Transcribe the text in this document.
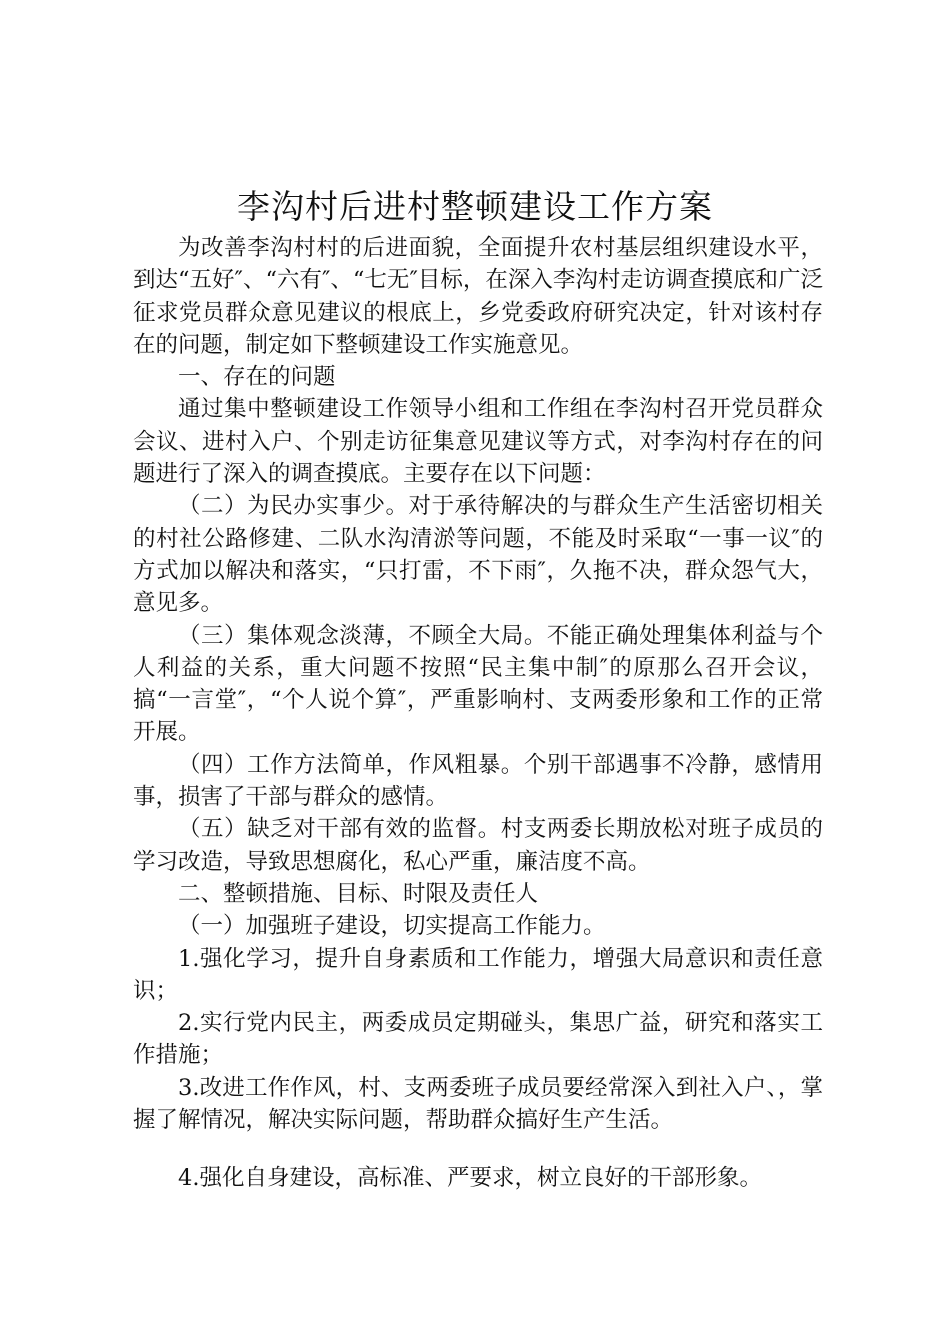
李沟村后进村整顿建设工作方案

为改善李沟村村的后进面貌，全面提升农村基层组织建设水平，到达“五好″、“六有″、“七无″目标，在深入李沟村走访调查摸底和广泛征求党员群众意见建议的根底上，乡党委政府研究决定，针对该村存在的问题，制定如下整顿建设工作实施意见。

一、存在的问题

通过集中整顿建设工作领导小组和工作组在李沟村召开党员群众会议、进村入户、个别走访征集意见建议等方式，对李沟村存在的问题进行了深入的调查摸底。主要存在以下问题：

（二）为民办实事少。对于承待解决的与群众生产生活密切相关的村社公路修建、二队水沟清淤等问题，不能及时采取“一事一议″的方式加以解决和落实，“只打雷，不下雨″，久拖不决，群众怨气大，意见多。

（三）集体观念淡薄，不顾全大局。不能正确处理集体利益与个人利益的关系，重大问题不按照“民主集中制″的原那么召开会议，搞“一言堂″，“个人说个算″，严重影响村、支两委形象和工作的正常开展。

（四）工作方法简单，作风粗暴。个别干部遇事不冷静，感情用事，损害了干部与群众的感情。

（五）缺乏对干部有效的监督。村支两委长期放松对班子成员的学习改造，导致思想腐化，私心严重，廉洁度不高。

二、整顿措施、目标、时限及责任人

（一）加强班子建设，切实提高工作能力。

1.强化学习，提升自身素质和工作能力，增强大局意识和责任意识；

2.实行党内民主，两委成员定期碰头，集思广益，研究和落实工作措施；

3.改进工作作风，村、支两委班子成员要经常深入到社入户、，掌握了解情况，解决实际问题，帮助群众搞好生产生活。

4.强化自身建设，高标准、严要求，树立良好的干部形象。
